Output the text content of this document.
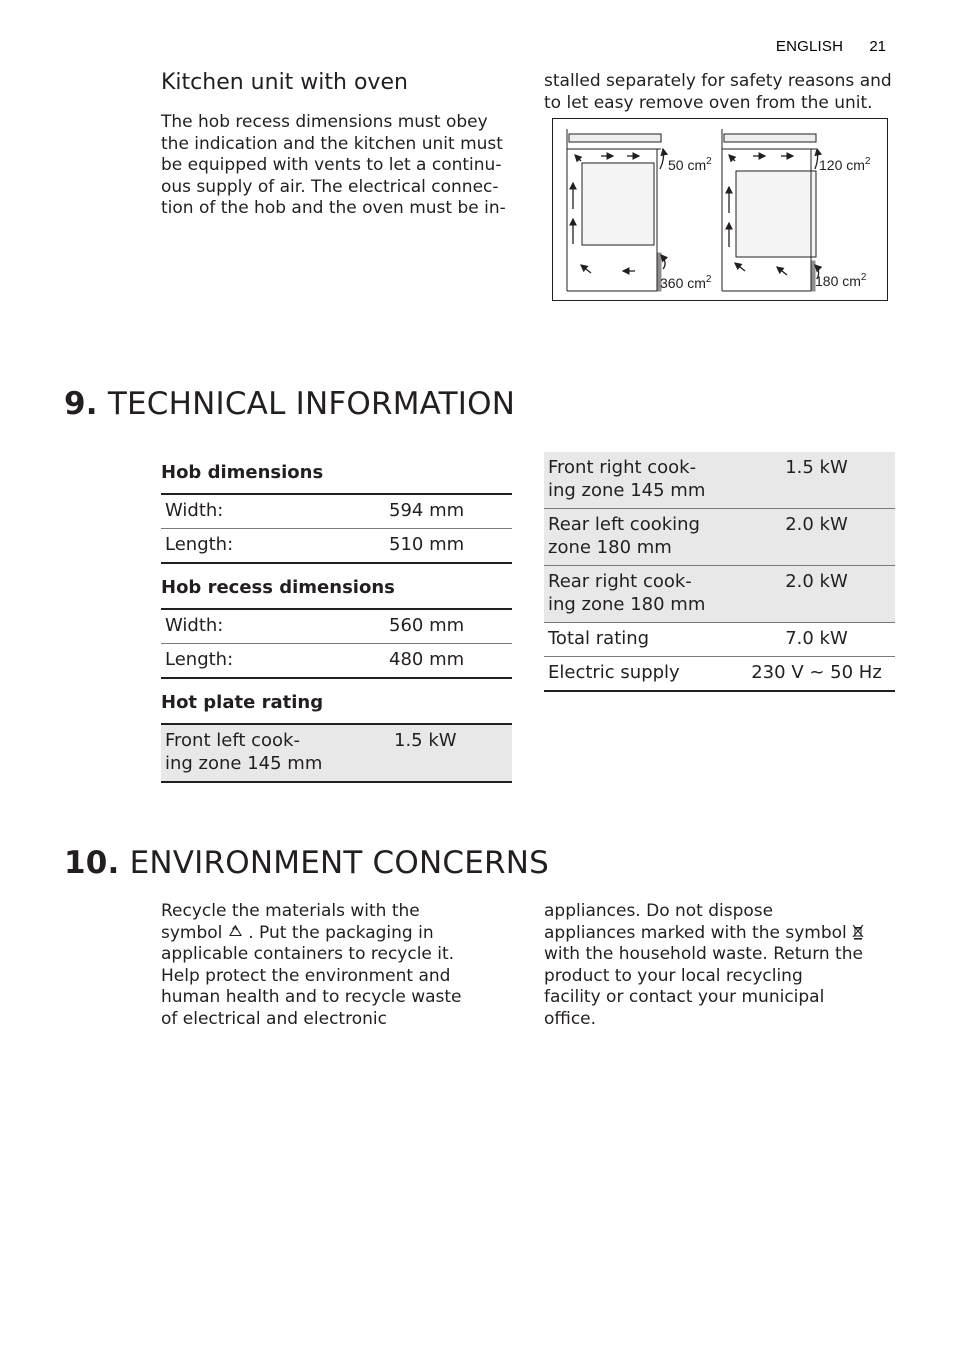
ENGLISH 21
Kitchen unit with oven

The hob recess dimensions must obey
the indication and the kitchen unit must
be equipped with vents to let a continu-
ous supply of air. The electrical connec-
tion of the hob and the oven must be in-

stalled separately for safety reasons and
to let easy remove oven from the unit.

50 $cm^2$
360 $cm^2$
120 $cm^2$
180 $cm^2$
9. TECHNICAL INFORMATION
Hob dimensions
Width:	594 mm
Length:	510 mm
Hob recess dimensions
Width:	560 mm
Length:	480 mm
Hot plate rating
Front left cook-
ing zone 145 mm	1.5 kW
Front right cook-
ing zone 145 mm	1.5 kW
Rear left cooking
zone 180 mm	2.0 kW
Rear right cook-
ing zone 180 mm	2.0 kW
Total rating	7.0 kW
Electric supply	230 V ~ 50 Hz
10. ENVIRONMENT CONCERNS

Recycle the materials with the

symbol . Put the packaging in

applicable containers to recycle it.
Help protect the environment and
human health and to recycle waste
of electrical and electronic

appliances. Do not dispose

appliances marked with the symbol

with the household waste. Return the
product to your local recycling
facility or contact your municipal
office.
